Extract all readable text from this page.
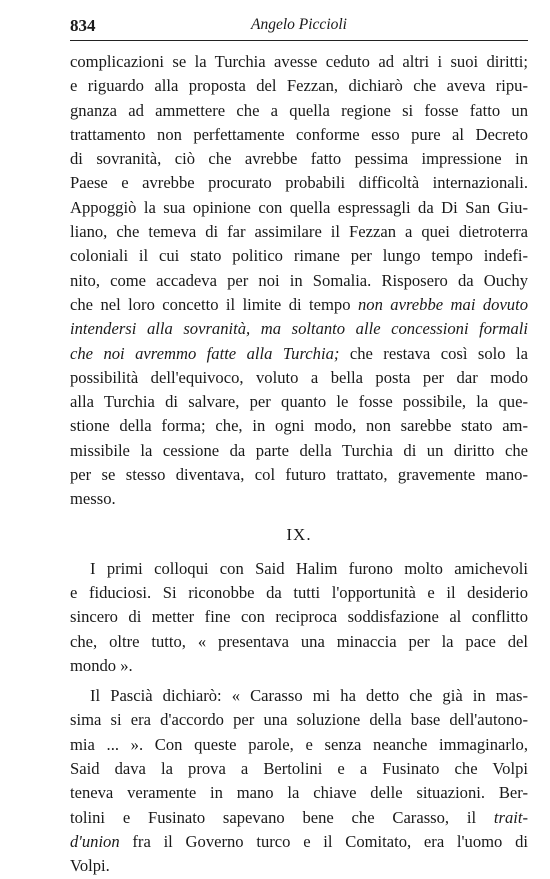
834	Angelo Piccioli
complicazioni se la Turchia avesse ceduto ad altri i suoi diritti;
e riguardo alla proposta del Fezzan, dichiarò che aveva ripu-
gnanza ad ammettere che a quella regione si fosse fatto un
trattamento non perfettamente conforme esso pure al Decreto
di sovranità, ciò che avrebbe fatto pessima impressione in
Paese e avrebbe procurato probabili difficoltà internazionali.
Appoggiò la sua opinione con quella espressagli da Di San Giu-
liano, che temeva di far assimilare il Fezzan a quei dietroterra
coloniali il cui stato politico rimane per lungo tempo indefi-
nito, come accadeva per noi in Somalia. Risposero da Ouchy
che nel loro concetto il limite di tempo non avrebbe mai dovuto
intendersi alla sovranità, ma soltanto alle concessioni formali
che noi avremmo fatte alla Turchia; che restava così solo la
possibilità dell'equivoco, voluto a bella posta per dar modo
alla Turchia di salvare, per quanto le fosse possibile, la que-
stione della forma; che, in ogni modo, non sarebbe stato am-
missibile la cessione da parte della Turchia di un diritto che
per se stesso diventava, col futuro trattato, gravemente mano-
messo.
IX.
I primi colloqui con Said Halim furono molto amichevoli
e fiduciosi. Si riconobbe da tutti l'opportunità e il desiderio
sincero di metter fine con reciproca soddisfazione al conflitto
che, oltre tutto, « presentava una minaccia per la pace del
mondo ».
Il Pascià dichiarò: « Carasso mi ha detto che già in mas-
sima si era d'accordo per una soluzione della base dell'autono-
mia ... ». Con queste parole, e senza neanche immaginarlo,
Said dava la prova a Bertolini e a Fusinato che Volpi
teneva veramente in mano la chiave delle situazioni. Ber-
tolini e Fusinato sapevano bene che Carasso, il trait-
d'union fra il Governo turco e il Comitato, era l'uomo di
Volpi.
